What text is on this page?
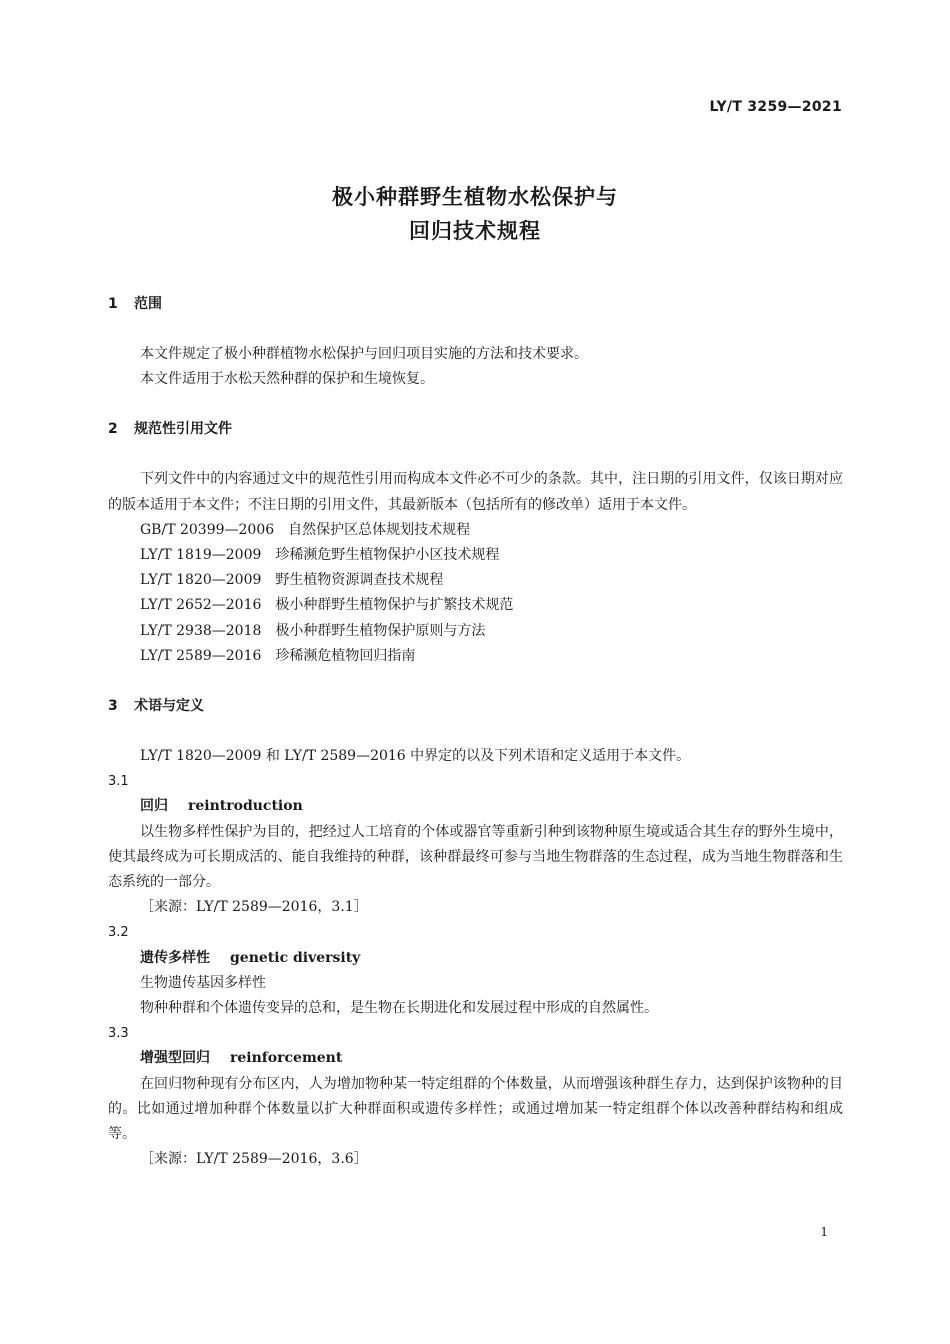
LY/T 3259—2021
极小种群野生植物水松保护与
回归技术规程
1 范围

本文件规定了极小种群植物水松保护与回归项目实施的方法和技术要求。

本文件适用于水松天然种群的保护和生境恢复。

2 规范性引用文件

下列文件中的内容通过文中的规范性引用而构成本文件必不可少的条款。其中，注日期的引用文件，仅该日期对应的版本适用于本文件；不注日期的引用文件，其最新版本（包括所有的修改单）适用于本文件。

GB/T 20399—2006 自然保护区总体规划技术规程
LY/T 1819—2009 珍稀濒危野生植物保护小区技术规程
LY/T 1820—2009 野生植物资源调查技术规程
LY/T 2652—2016 极小种群野生植物保护与扩繁技术规范
LY/T 2938—2018 极小种群野生植物保护原则与方法
LY/T 2589—2016 珍稀濒危植物回归指南
3 术语与定义

LY/T 1820—2009 和 LY/T 2589—2016 中界定的以及下列术语和定义适用于本文件。

3.1

回归 reintroduction

以生物多样性保护为目的，把经过人工培育的个体或器官等重新引种到该物种原生境或适合其生存的野外生境中，使其最终成为可长期成活的、能自我维持的种群，该种群最终可参与当地生物群落的生态过程，成为当地生物群落和生态系统的一部分。

［来源：LY/T 2589—2016，3.1］

3.2

遗传多样性 genetic diversity

生物遗传基因多样性

物种种群和个体遗传变异的总和，是生物在长期进化和发展过程中形成的自然属性。

3.3

增强型回归 reinforcement

在回归物种现有分布区内，人为增加物种某一特定组群的个体数量，从而增强该种群生存力，达到保护该物种的目的。比如通过增加种群个体数量以扩大种群面积或遗传多样性；或通过增加某一特定组群个体以改善种群结构和组成等。

［来源：LY/T 2589—2016，3.6］

1
